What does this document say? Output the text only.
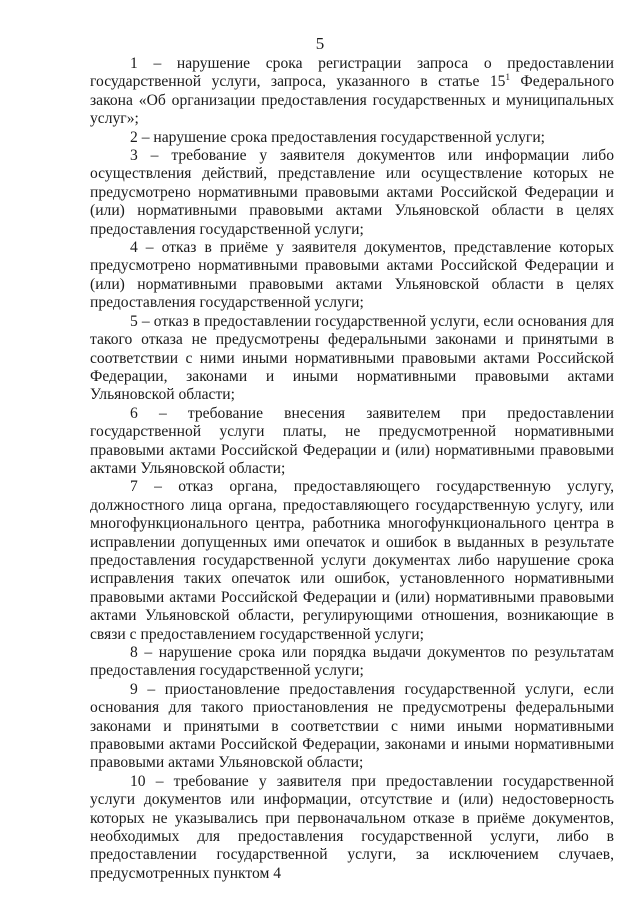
5

1 – нарушение срока регистрации запроса о предоставлении государственной услуги, запроса, указанного в статье $15^1$ Федерального закона «Об организации предоставления государственных и муниципальных услуг»;

2 – нарушение срока предоставления государственной услуги;

3 – требование у заявителя документов или информации либо осуществления действий, представление или осуществление которых не предусмотрено нормативными правовыми актами Российской Федерации и (или) нормативными правовыми актами Ульяновской области в целях предоставления государственной услуги;

4 – отказ в приёме у заявителя документов, представление которых предусмотрено нормативными правовыми актами Российской Федерации и (или) нормативными правовыми актами Ульяновской области в целях предоставления государственной услуги;

5 – отказ в предоставлении государственной услуги, если основания для такого отказа не предусмотрены федеральными законами и принятыми в соответствии с ними иными нормативными правовыми актами Российской Федерации, законами и иными нормативными правовыми актами Ульяновской области;

6 – требование внесения заявителем при предоставлении государственной услуги платы, не предусмотренной нормативными правовыми актами Российской Федерации и (или) нормативными правовыми актами Ульяновской области;

7 – отказ органа, предоставляющего государственную услугу, должностного лица органа, предоставляющего государственную услугу, или многофункционального центра, работника многофункционального центра в исправлении допущенных ими опечаток и ошибок в выданных в результате предоставления государственной услуги документах либо нарушение срока исправления таких опечаток или ошибок, установленного нормативными правовыми актами Российской Федерации и (или) нормативными правовыми актами Ульяновской области, регулирующими отношения, возникающие в связи с предоставлением государственной услуги;

8 – нарушение срока или порядка выдачи документов по результатам предоставления государственной услуги;

9 – приостановление предоставления государственной услуги, если основания для такого приостановления не предусмотрены федеральными законами и принятыми в соответствии с ними иными нормативными правовыми актами Российской Федерации, законами и иными нормативными правовыми актами Ульяновской области;

10 – требование у заявителя при предоставлении государственной услуги документов или информации, отсутствие и (или) недостоверность которых не указывались при первоначальном отказе в приёме документов, необходимых для предоставления государственной услуги, либо в предоставлении государственной услуги, за исключением случаев, предусмотренных пунктом 4
